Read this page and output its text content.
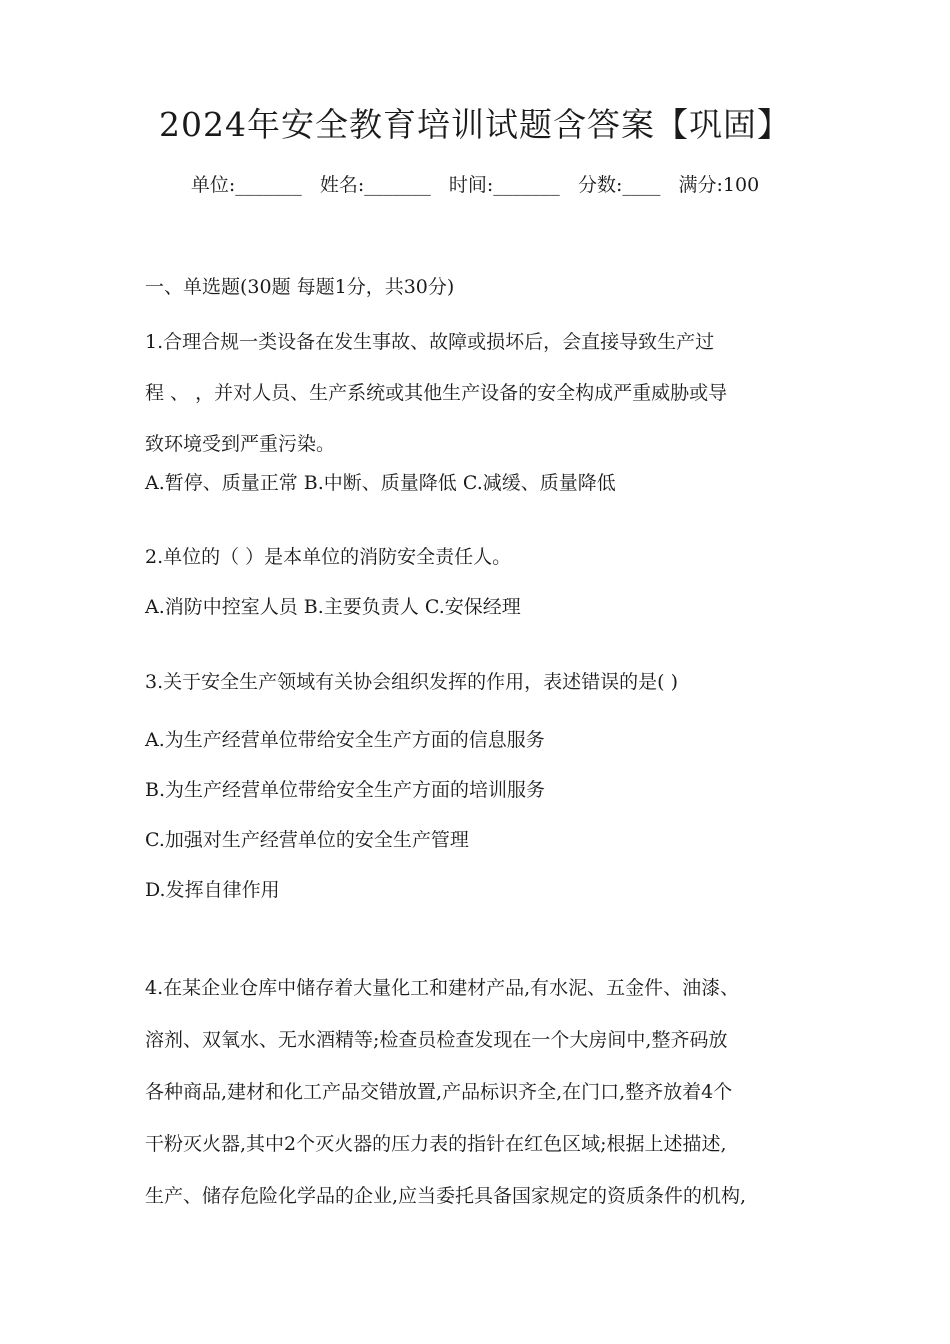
2024年安全教育培训试题含答案【巩固】
单位:_______ 姓名:_______ 时间:_______ 分数:____ 满分:100
一、单选题(30题 每题1分，共30分)
1.合理合规一类设备在发生事故、故障或损坏后，会直接导致生产过
程 、 ，并对人员、生产系统或其他生产设备的安全构成严重威胁或导
致环境受到严重污染。
A.暂停、质量正常 B.中断、质量降低 C.减缓、质量降低
2.单位的（ ）是本单位的消防安全责任人。
A.消防中控室人员 B.主要负责人 C.安保经理
3.关于安全生产领域有关协会组织发挥的作用，表述错误的是( )
A.为生产经营单位带给安全生产方面的信息服务
B.为生产经营单位带给安全生产方面的培训服务
C.加强对生产经营单位的安全生产管理
D.发挥自律作用
4.在某企业仓库中储存着大量化工和建材产品,有水泥、五金件、油漆、
溶剂、双氧水、无水酒精等;检查员检查发现在一个大房间中,整齐码放
各种商品,建材和化工产品交错放置,产品标识齐全,在门口,整齐放着4个
干粉灭火器,其中2个灭火器的压力表的指针在红色区域;根据上述描述,
生产、储存危险化学品的企业,应当委托具备国家规定的资质条件的机构,
